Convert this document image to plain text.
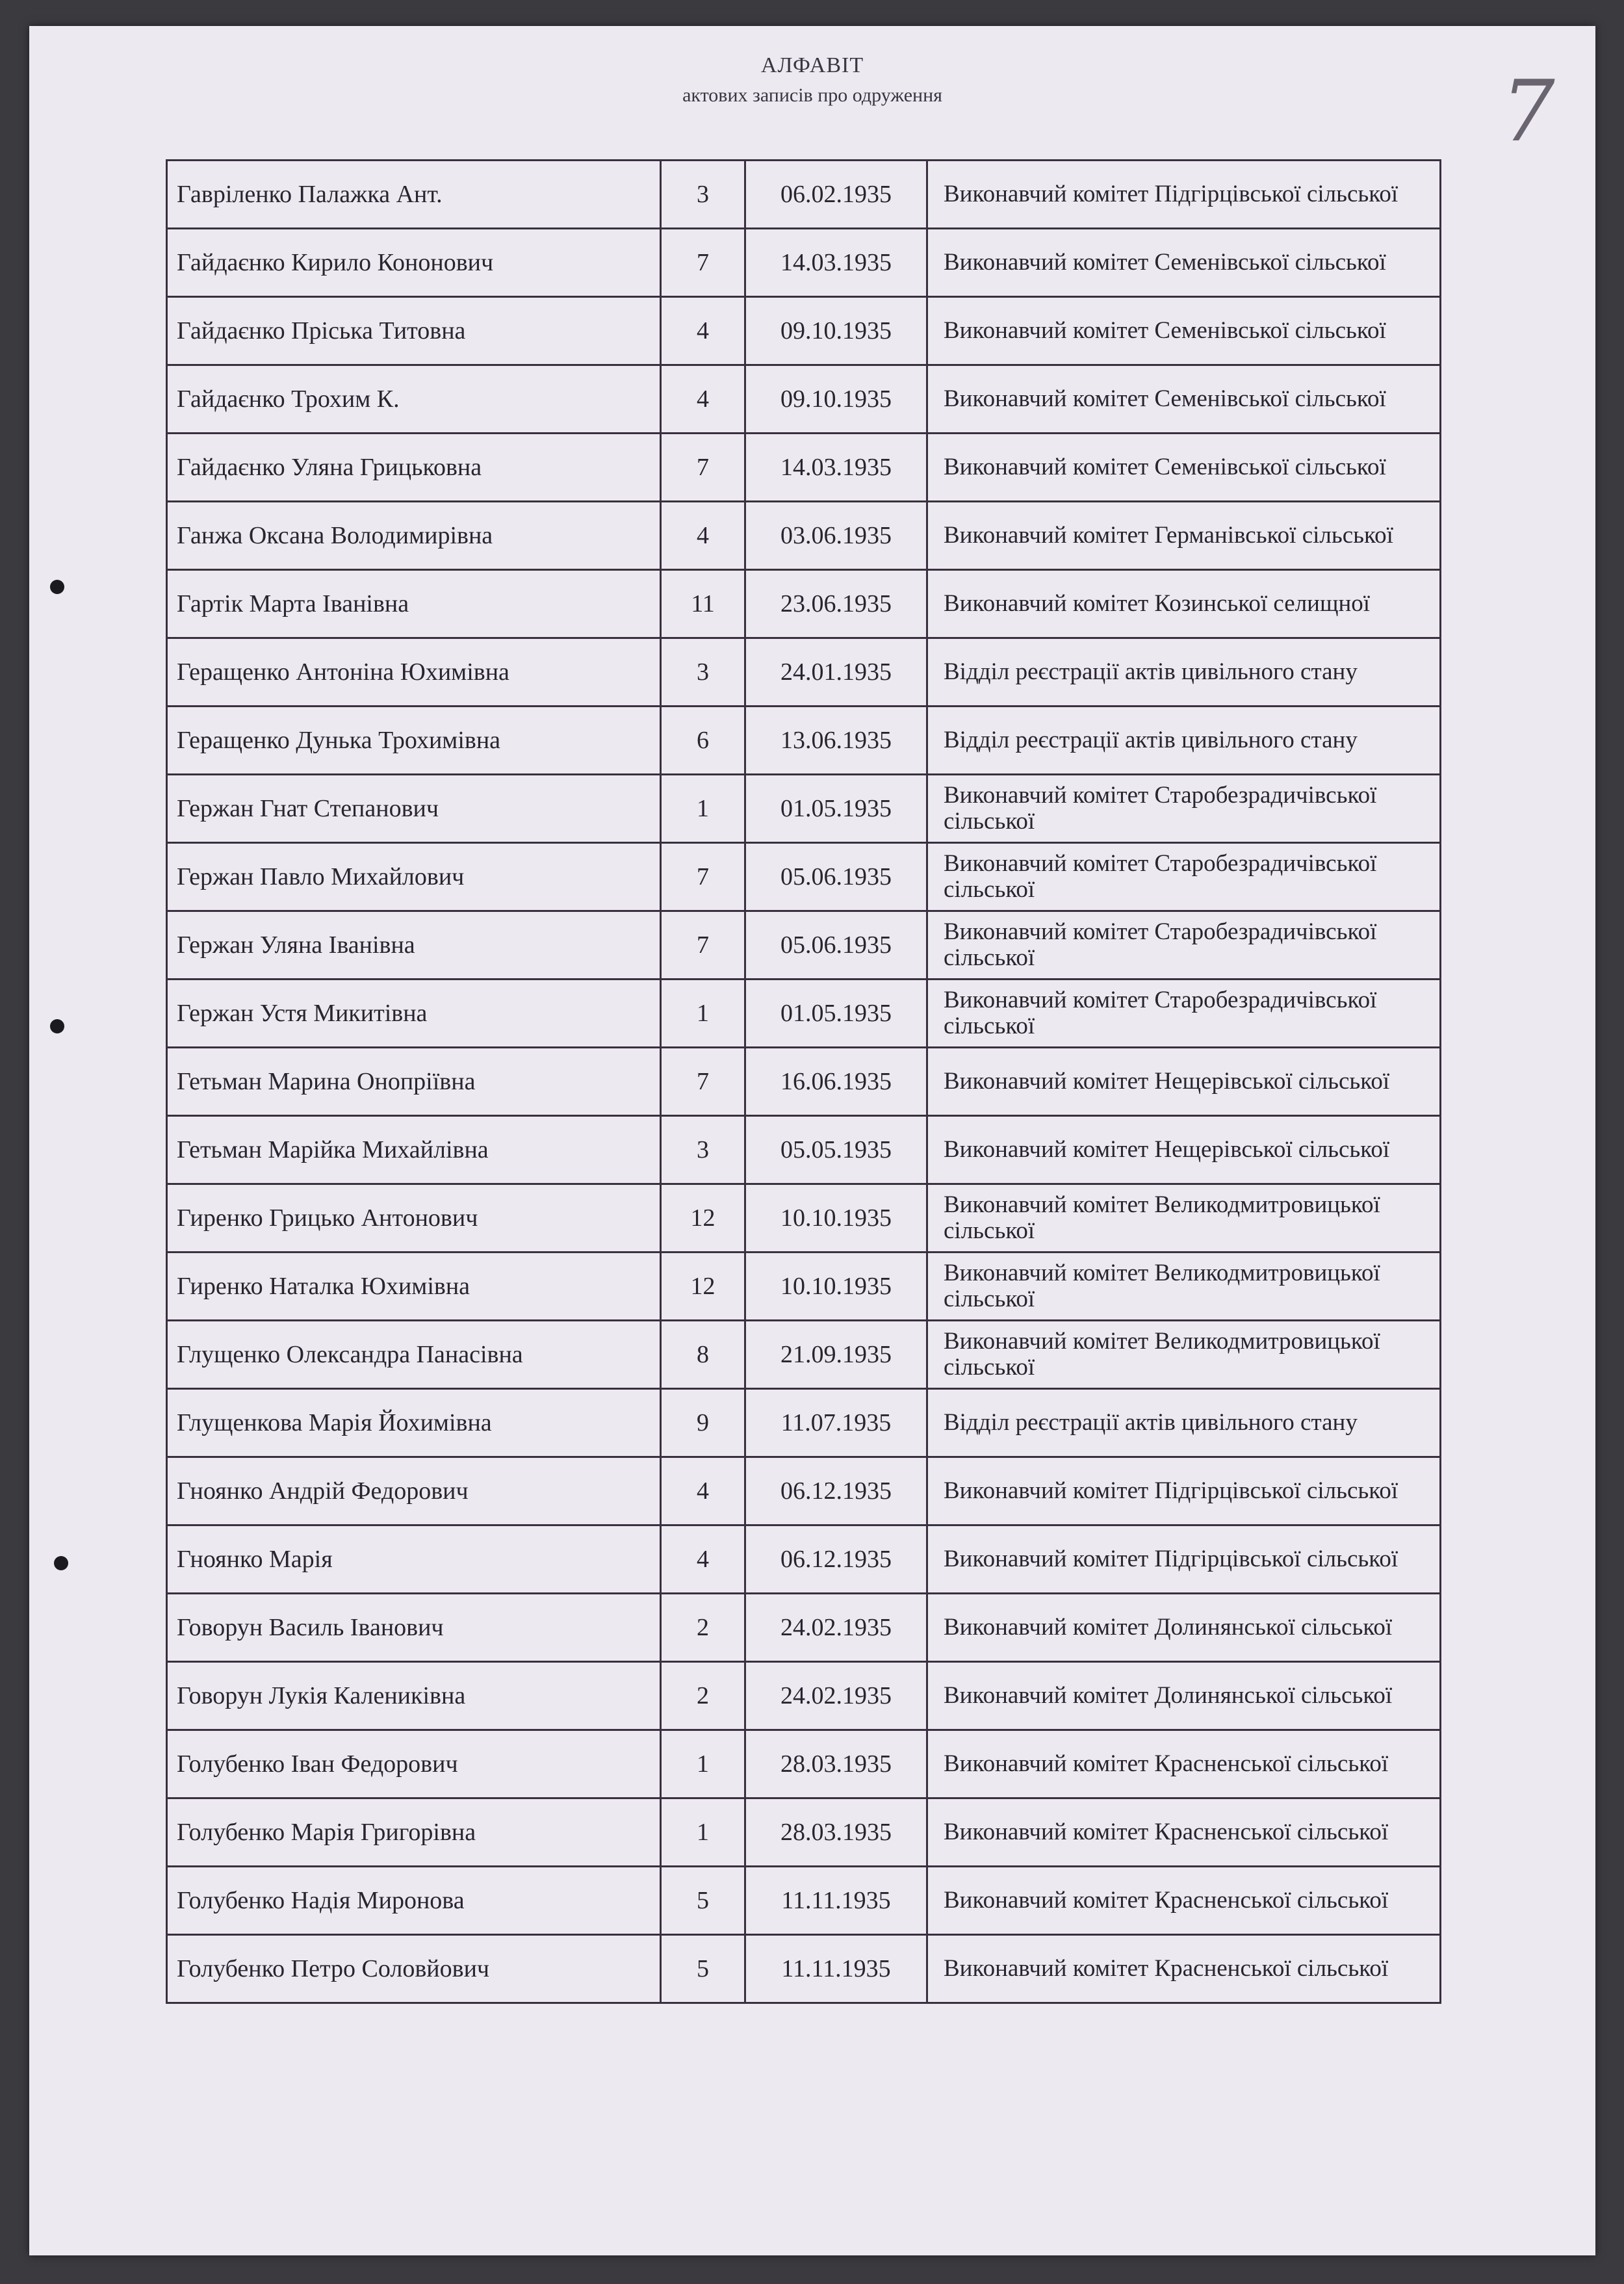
АЛФАВІТ
актових записів про одруження	7
Гавріленко Палажка Ант.	3	06.02.1935	Виконавчий комітет Підгірцівської сільської
Гайдаєнко Кирило Кононович	7	14.03.1935	Виконавчий комітет Семенівської сільської
Гайдаєнко Пріська Титовна	4	09.10.1935	Виконавчий комітет Семенівської сільської
Гайдаєнко Трохим К.	4	09.10.1935	Виконавчий комітет Семенівської сільської
Гайдаєнко Уляна Грицьковна	7	14.03.1935	Виконавчий комітет Семенівської сільської
Ганжа Оксана Володимирівна	4	03.06.1935	Виконавчий комітет Германівської сільської
Гартік Марта Іванівна	11	23.06.1935	Виконавчий комітет Козинської селищної
Геращенко Антоніна Юхимівна	3	24.01.1935	Відділ реєстрації актів цивільного стану
Геращенко Дунька Трохимівна	6	13.06.1935	Відділ реєстрації актів цивільного стану
Гержан Гнат Степанович	1	01.05.1935	Виконавчий комітет Старобезрадичівської сільської
Гержан Павло Михайлович	7	05.06.1935	Виконавчий комітет Старобезрадичівської сільської
Гержан Уляна Іванівна	7	05.06.1935	Виконавчий комітет Старобезрадичівської сільської
Гержан Устя Микитівна	1	01.05.1935	Виконавчий комітет Старобезрадичівської сільської
Гетьман Марина Онопріївна	7	16.06.1935	Виконавчий комітет Нещерівської сільської
Гетьман Марійка Михайлівна	3	05.05.1935	Виконавчий комітет Нещерівської сільської
Гиренко Грицько Антонович	12	10.10.1935	Виконавчий комітет Великодмитровицької сільської
Гиренко Наталка Юхимівна	12	10.10.1935	Виконавчий комітет Великодмитровицької сільської
Глущенко Олександра Панасівна	8	21.09.1935	Виконавчий комітет Великодмитровицької сільської
Глущенкова Марія Йохимівна	9	11.07.1935	Відділ реєстрації актів цивільного стану
Гноянко Андрій Федорович	4	06.12.1935	Виконавчий комітет Підгірцівської сільської
Гноянко Марія	4	06.12.1935	Виконавчий комітет Підгірцівської сільської
Говорун Василь Іванович	2	24.02.1935	Виконавчий комітет Долинянської сільської
Говорун Лукія Калениківна	2	24.02.1935	Виконавчий комітет Долинянської сільської
Голубенко Іван Федорович	1	28.03.1935	Виконавчий комітет Красненської сільської
Голубенко Марія Григорівна	1	28.03.1935	Виконавчий комітет Красненської сільської
Голубенко Надія Миронова	5	11.11.1935	Виконавчий комітет Красненської сільської
Голубенко Петро Соловйович	5	11.11.1935	Виконавчий комітет Красненської сільської
